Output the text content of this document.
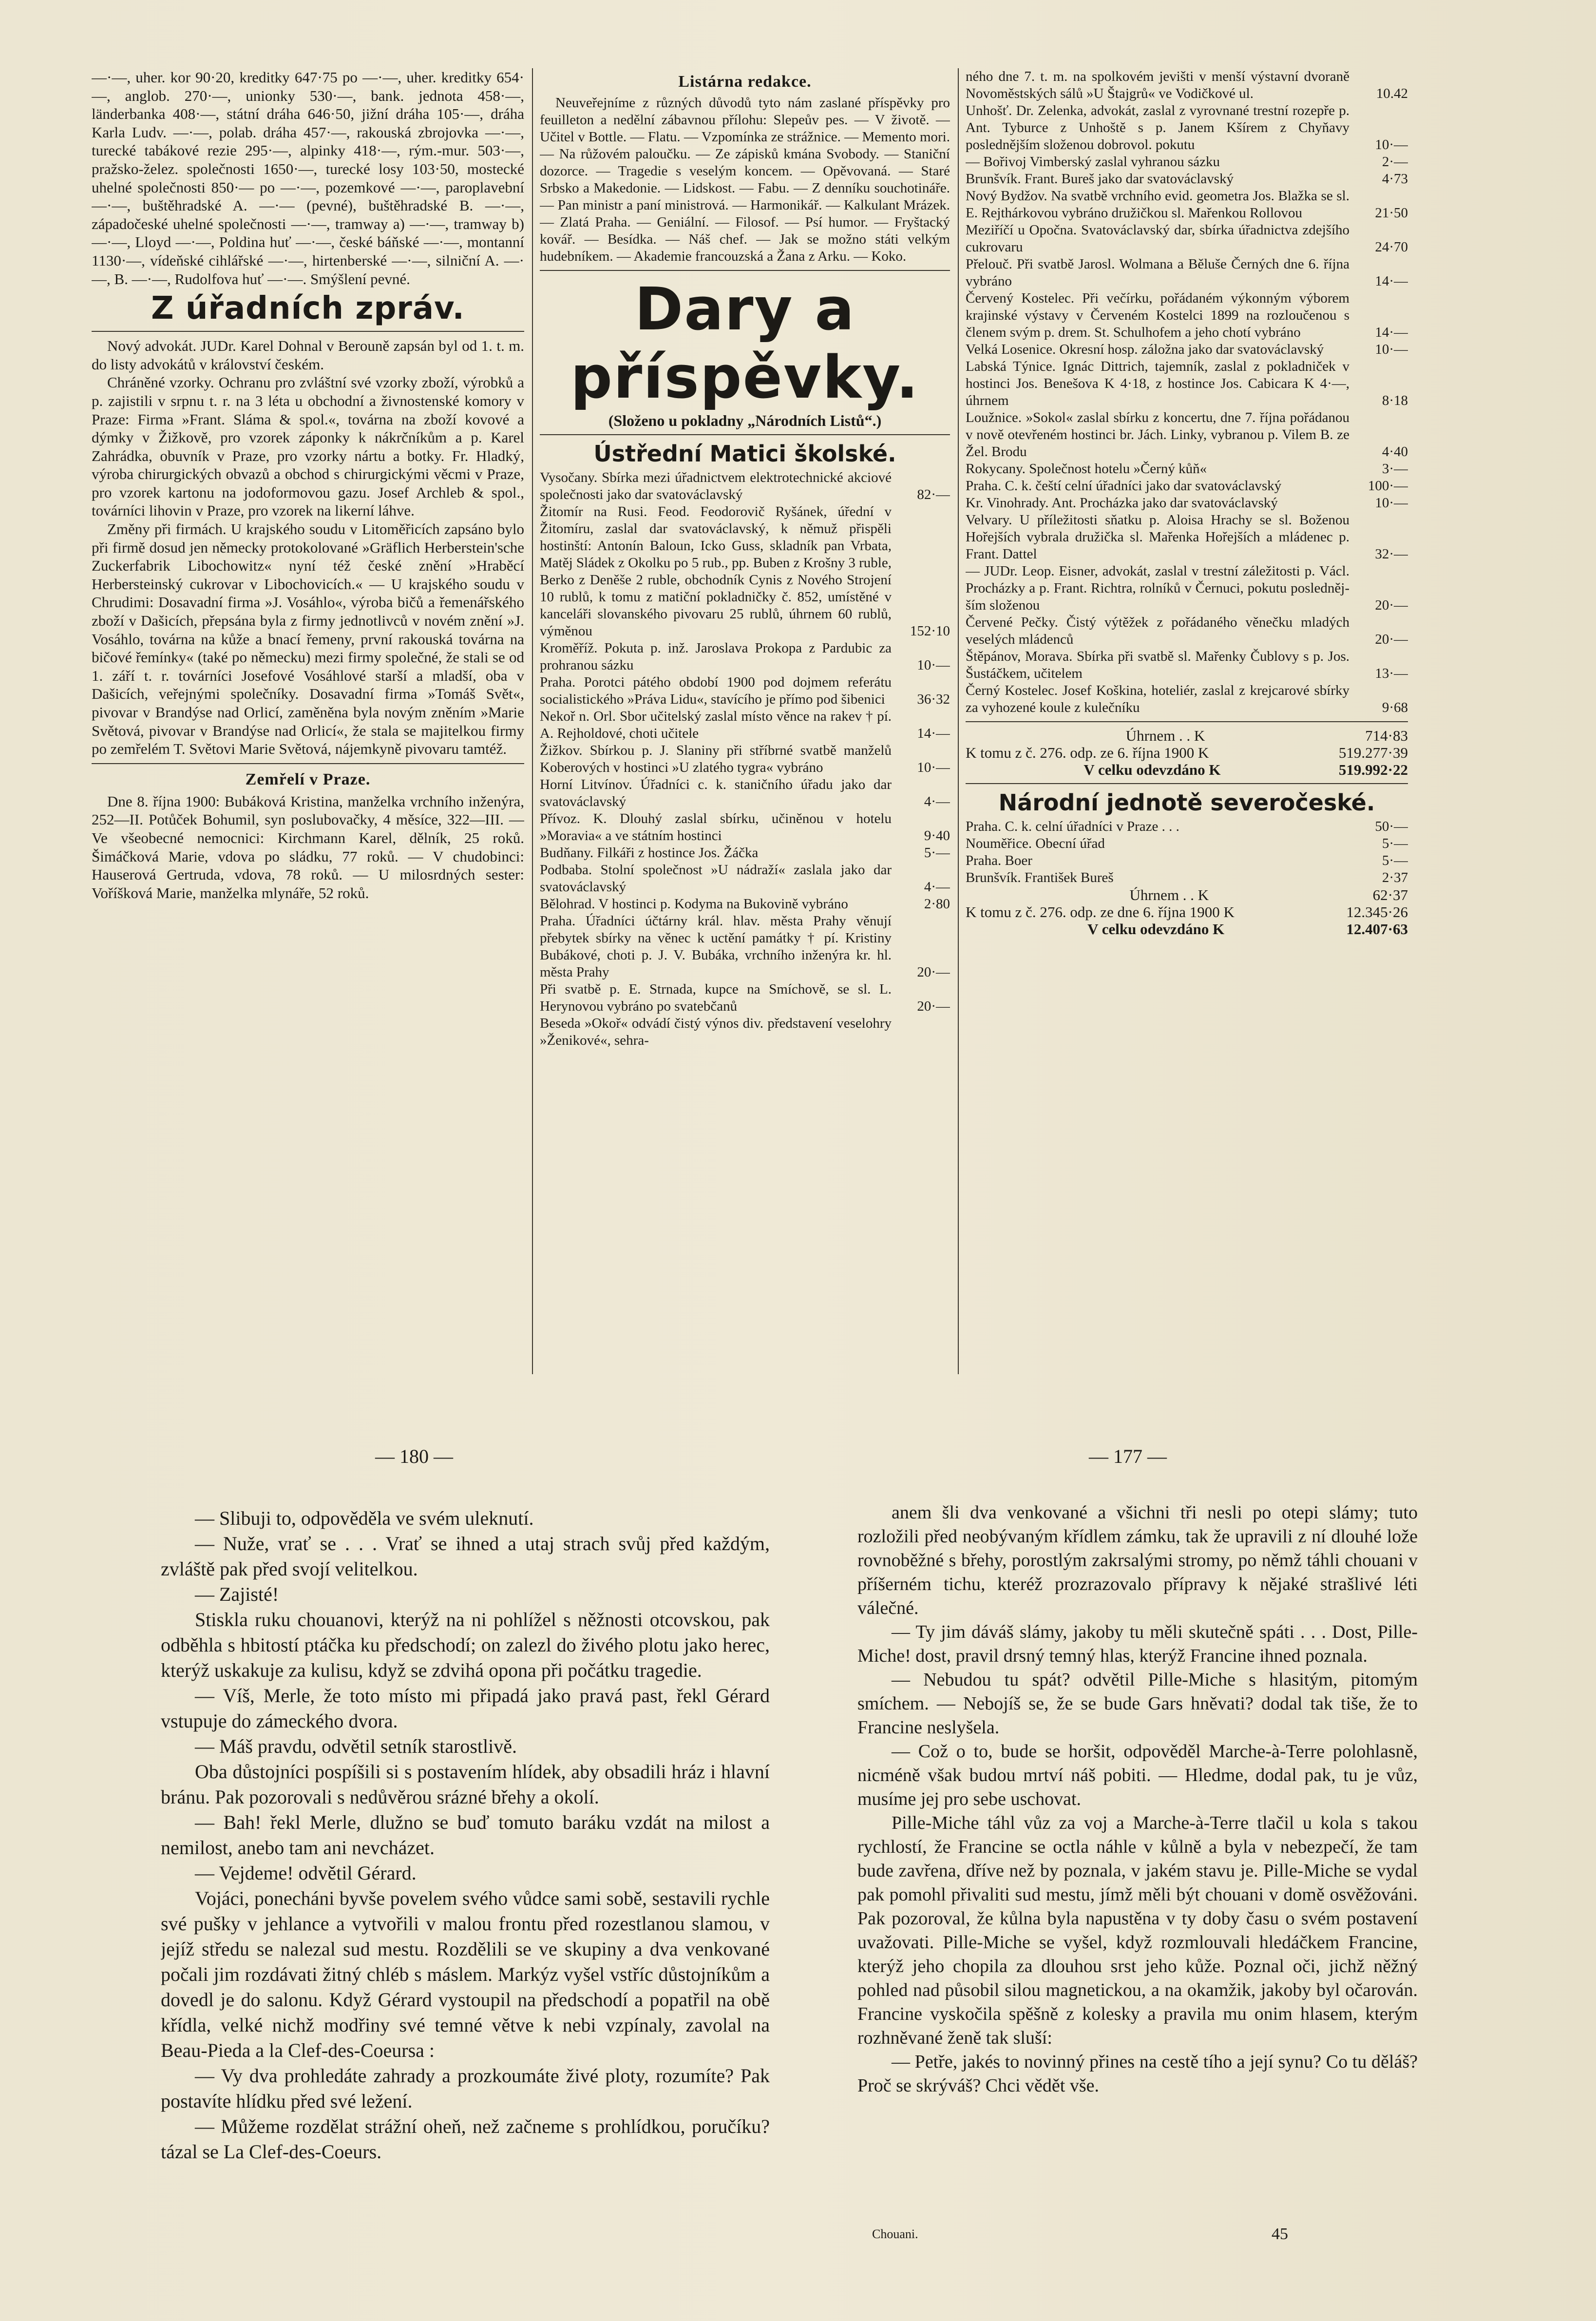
—·—, uher. kor 90·20, kreditky 647·75 po —·—, uher. kreditky 654·—, anglob. 270·—, unionky 530·—, bank. jednota 458·—, länderbanka 408·—, státní dráha 646·50, jižní dráha 105·—, dráha Karla Ludv. —·—, polab. dráha 457·—, rakouská zbrojovka —·—, turecké tabákové rezie 295·—, alpinky 418·—, rým.-mur. 503·—, pražsko-želez. společnosti 1650·—, turecké losy 103·50, mostecké uhelné společnosti 850·— po —·—, pozemkové —·—, paroplavební —·—, buštěhradské A. —·— (pevné), buštěhradské B. —·—, západočeské uhelné společnosti —·—, tramway a) —·—, tramway b) —·—, Lloyd —·—, Poldina huť —·—, české báňské —·—, montanní 1130·—, vídeňské cihlářské —·—, hirtenberské —·—, silniční A. —·—, B. —·—, Rudolfova huť —·—. Smýšlení pevné.

Z úřadních zpráv.

Nový advokát. JUDr. Karel Dohnal v Berouně zapsán byl od 1. t. m. do listy advokátů v království českém.

Chráněné vzorky. Ochranu pro zvláštní své vzorky zboží, výrobků a p. zajistili v srpnu t. r. na 3 léta u obchodní a živnostenské komory v Praze: Firma »Frant. Sláma & spol.«, továrna na zboží kovové a dýmky v Žižkově, pro vzorek záponky k nákrčníkům a p. Karel Zahrádka, obuvník v Praze, pro vzorky nártu a botky. Fr. Hladký, výroba chirurgických obvazů a obchod s chirurgickými věcmi v Praze, pro vzorek kartonu na jodoformovou gazu. Josef Archleb & spol., továrníci lihovin v Praze, pro vzorek na likerní láhve.

Změny při firmách. U krajského soudu v Litoměřicích zapsáno bylo při firmě dosud jen německy protokolované »Gräflich Herberstein'sche Zuckerfabrik Libochowitz« nyní též české znění »Hraběcí Herbersteinský cukrovar v Libochovicích.« — U krajského soudu v Chrudimi: Dosavadní firma »J. Vosáhlo«, výroba bičů a řemenářského zboží v Dašicích, přepsána byla z firmy jednotlivců v novém znění »J. Vosáhlo, továrna na kůže a bnací řemeny, první rakouská továrna na bičové řemínky« (také po německu) mezi firmy společné, že stali se od 1. září t. r. továrníci Josefové Vosáhlové starší a mladší, oba v Dašicích, veřejnými společníky. Dosavadní firma »Tomáš Svět«, pivovar v Brandýse nad Orlicí, zaměněna byla novým zněním »Marie Světová, pivovar v Brandýse nad Orlicí«, že stala se majitelkou firmy po zemřelém T. Světovi Marie Světová, nájemkyně pivovaru tamtéž.

Zemřelí v Praze.

Dne 8. října 1900: Bubáková Kristina, manželka vrchního inženýra, 252—II. Potůček Bohumil, syn poslubovačky, 4 měsíce, 322—III. — Ve všeobecné nemocnici: Kirchmann Karel, dělník, 25 roků. Šimáčková Marie, vdova po sládku, 77 roků. — V chudobinci: Hauserová Gertruda, vdova, 78 roků. — U milosrdných sester: Voříšková Marie, manželka mlynáře, 52 roků.

Listárna redakce.

Neuveřejníme z různých důvodů tyto nám zaslané příspěvky pro feuilleton a nedělní zábavnou přílohu: Slepeův pes. — V životě. — Učitel v Bottle. — Flatu. — Vzpomínka ze strážnice. — Memento mori. — Na růžovém paloučku. — Ze zápisků kmána Svobody. — Staniční dozorce. — Tragedie s veselým koncem. — Opěvovaná. — Staré Srbsko a Makedonie. — Lidskost. — Fabu. — Z denníku souchotináře. — Pan ministr a paní ministrová. — Harmonikář. — Kalkulant Mrázek. — Zlatá Praha. — Geniální. — Filosof. — Psí humor. — Fryštacký kovář. — Besídka. — Náš chef. — Jak se možno státi velkým hudebníkem. — Akademie francouzská a Žana z Arku. — Koko.

Dary a příspěvky.
(Složeno u pokladny „Národních Listů“.)
Ústřední Matici školské.
Vysočany. Sbírka mezi úřadnictvem elektrotechnické akciové společnosti jako dar svatováclavský	82·—
Žitomír na Rusi. Feod. Feodorovič Ryšánek, úřední v Žitomíru, zaslal dar svatováclavský, k němuž přispěli hostinští: Antonín Baloun, Icko Guss, skladník pan Vrbata, Matěj Sládek z Okolku po 5 rub., pp. Buben z Krošny 3 ruble, Berko z Deněše 2 ruble, obchodník Cynis z Nového Strojení 10 rublů, k tomu z matiční pokladničky č. 852, umístěné v kanceláři slovanského pivovaru 25 rublů, úhrnem 60 rublů, výměnou	152·10
Kroměříž. Pokuta p. inž. Jaroslava Prokopa z Pardubic za prohranou sázku	10·—
Praha. Porotci pátého období 1900 pod dojmem referátu socialistického »Práva Lidu«, stavícího je přímo pod šibenici	36·32
Nekoř n. Orl. Sbor učitelský zaslal místo věnce na rakev † pí. A. Rejholdové, choti učitele	14·—
Žižkov. Sbírkou p. J. Slaniny při stříbrné svatbě manželů Koberových v hostinci »U zlatého tygra« vybráno	10·—
Horní Litvínov. Úřadníci c. k. staničního úřadu jako dar svatováclavský	4·—
Přívoz. K. Dlouhý zaslal sbírku, učiněnou v hotelu »Moravia« a ve státním hostinci	9·40
Budňany. Filkáři z hostince Jos. Žáčka	5·—
Podbaba. Stolní společnost »U nádraží« zaslala jako dar svatováclavský	4·—
Bělohrad. V hostinci p. Kodyma na Bukovině vybráno	2·80
Praha. Úřadníci účtárny král. hlav. města Prahy věnují přebytek sbírky na věnec k uctění památky † pí. Kristiny Bubákové, choti p. J. V. Bubáka, vrchního inženýra kr. hl. města Prahy	20·—
Při svatbě p. E. Strnada, kupce na Smíchově, se sl. L. Herynovou vybráno po svatebčanů	20·—
Beseda »Okoř« odvádí čistý výnos div. představení veselohry »Ženikové«, sehra-
ného dne 7. t. m. na spolkovém jevišti v menší výstavní dvoraně Novoměstských sálů »U Štajgrů« ve Vodičkové ul.	10.42
Unhošť. Dr. Zelenka, advokát, zaslal z vyrovnané trestní rozepře p. Ant. Tyburce z Unhoště s p. Janem Kšírem z Chyňavy poslednějším složenou dobrovol. pokutu	10·—
— Bořivoj Vimberský zaslal vyhranou sázku	2·—
Brunšvík. Frant. Bureš jako dar svatováclavský	4·73
Nový Bydžov. Na svatbě vrchního evid. geometra Jos. Blažka se sl. E. Rejthárkovou vybráno družičkou sl. Mařenkou Rollovou	21·50
Meziříčí u Opočna. Svatováclavský dar, sbírka úřadnictva zdejšího cukrovaru	24·70
Přelouč. Při svatbě Jarosl. Wolmana a Běluše Černých dne 6. října vybráno	14·—
Červený Kostelec. Při večírku, pořádaném výkonným výborem krajinské výstavy v Červeném Kostelci 1899 na rozloučenou s členem svým p. drem. St. Schulhofem a jeho chotí vybráno	14·—
Velká Losenice. Okresní hosp. záložna jako dar svatováclavský	10·—
Labská Týnice. Ignác Dittrich, tajemník, zaslal z pokladniček v hostinci Jos. Benešova K 4·18, z hostince Jos. Cabicara K 4·—, úhrnem	8·18
Loužnice. »Sokol« zaslal sbírku z koncertu, dne 7. října pořádanou v nově otevřeném hostinci br. Jách. Linky, vybranou p. Vilem B. ze Žel. Brodu	4·40
Rokycany. Společnost hotelu »Černý kůň«	3·—
Praha. C. k. čeští celní úřadníci jako dar svatováclavský	100·—
Kr. Vinohrady. Ant. Procházka jako dar svatováclavský	10·—
Velvary. U příležitosti sňatku p. Aloisa Hrachy se sl. Boženou Hořejších vybrala družička sl. Mařenka Hořejších a mládenec p. Frant. Dattel	32·—
— JUDr. Leop. Eisner, advokát, zaslal v trestní záležitosti p. Václ. Procházky a p. Frant. Richtra, rolníků v Černuci, pokutu posledněj-ším složenou	20·—
Červené Pečky. Čistý výtěžek z pořádaného věnečku mladých veselých mládenců	20·—
Štěpánov, Morava. Sbírka při svatbě sl. Mařenky Čublovy s p. Jos. Šustáčkem, učitelem	13·—
Černý Kostelec. Josef Koškina, hoteliér, zaslal z krejcarové sbírky za vyhozené koule z kulečníku	9·68
Úhrnem . . K	714·83
K tomu z č. 276. odp. ze 6. října 1900 K	519.277·39
V celku odevzdáno K	519.992·22
Národní jednotě severočeské.
Praha. C. k. celní úřadníci v Praze . . .	50·—
Nouměřice. Obecní úřad	5·—
Praha. Boer	5·—
Brunšvík. František Bureš	2·37
Úhrnem . . K	62·37
K tomu z č. 276. odp. ze dne 6. října 1900 K	12.345·26
V celku odevzdáno K	12.407·63
— 180 —	— 177 —

— Slibuji to, odpověděla ve svém uleknutí.

— Nuže, vrať se . . . Vrať se ihned a utaj strach svůj před každým, zvláště pak před svojí velitelkou.

— Zajisté!

Stiskla ruku chouanovi, kterýž na ni pohlížel s něžnosti otcovskou, pak odběhla s hbitostí ptáčka ku předschodí; on zalezl do živého plotu jako herec, kterýž uskakuje za kulisu, když se zdvihá opona při počátku tragedie.

— Víš, Merle, že toto místo mi připadá jako pravá past, řekl Gérard vstupuje do zámeckého dvora.

— Máš pravdu, odvětil setník starostlivě.

Oba důstojníci pospíšili si s postavením hlídek, aby obsadili hráz i hlavní bránu. Pak pozorovali s nedůvěrou srázné břehy a okolí.

— Bah! řekl Merle, dlužno se buď tomuto baráku vzdát na milost a nemilost, anebo tam ani nevcházet.

— Vejdeme! odvětil Gérard.

Vojáci, ponecháni byvše povelem svého vůdce sami sobě, sestavili rychle své pušky v jehlance a vytvořili v malou frontu před rozestlanou slamou, v jejíž středu se nalezal sud mestu. Rozdělili se ve skupiny a dva venkované počali jim rozdávati žitný chléb s máslem. Markýz vyšel vstříc důstojníkům a dovedl je do salonu. Když Gérard vystoupil na předschodí a popatřil na obě křídla, velké nichž modřiny své temné větve k nebi vzpínaly, zavolal na Beau-Pieda a la Clef-des-Coeursa :

— Vy dva prohledáte zahrady a prozkoumáte živé ploty, rozumíte? Pak postavíte hlídku před své ležení.

— Můžeme rozdělat strážní oheň, než začneme s prohlídkou, poručíku? tázal se La Clef-des-Coeurs.

anem šli dva venkované a všichni tři nesli po otepi slámy; tuto rozložili před neobývaným křídlem zámku, tak že upravili z ní dlouhé lože rovnoběžné s břehy, porostlým zakrsalými stromy, po němž táhli chouani v příšerném tichu, kteréž prozrazovalo přípravy k nějaké strašlivé léti válečné.

— Ty jim dáváš slámy, jakoby tu měli skutečně spáti . . . Dost, Pille-Miche! dost, pravil drsný temný hlas, kterýž Francine ihned poznala.

— Nebudou tu spát? odvětil Pille-Miche s hlasitým, pitomým smíchem. — Nebojíš se, že se bude Gars hněvati? dodal tak tiše, že to Francine neslyšela.

— Což o to, bude se horšit, odpověděl Marche-à-Terre polohlasně, nicméně však budou mrtví náš pobiti. — Hledme, dodal pak, tu je vůz, musíme jej pro sebe uschovat.

Pille-Miche táhl vůz za voj a Marche-à-Terre tlačil u kola s takou rychlostí, že Francine se octla náhle v kůlně a byla v nebezpečí, že tam bude zavřena, dříve než by poznala, v jakém stavu je. Pille-Miche se vydal pak pomohl přivaliti sud mestu, jímž měli být chouani v domě osvěžováni. Pak pozoroval, že kůlna byla napustěna v ty doby času o svém postavení uvažovati. Pille-Miche se vyšel, když rozmlouvali hledáčkem Francine, kterýž jeho chopila za dlouhou srst jeho kůže. Poznal oči, jichž něžný pohled nad působil silou magnetickou, a na okamžik, jakoby byl očarován. Francine vyskočila spěšně z kolesky a pravila mu onim hlasem, kterým rozhněvané ženě tak sluší:

— Petře, jakés to novinný přines na cestě tího a její synu? Co tu děláš? Proč se skrýváš? Chci vědět vše.

Chouani.	45
